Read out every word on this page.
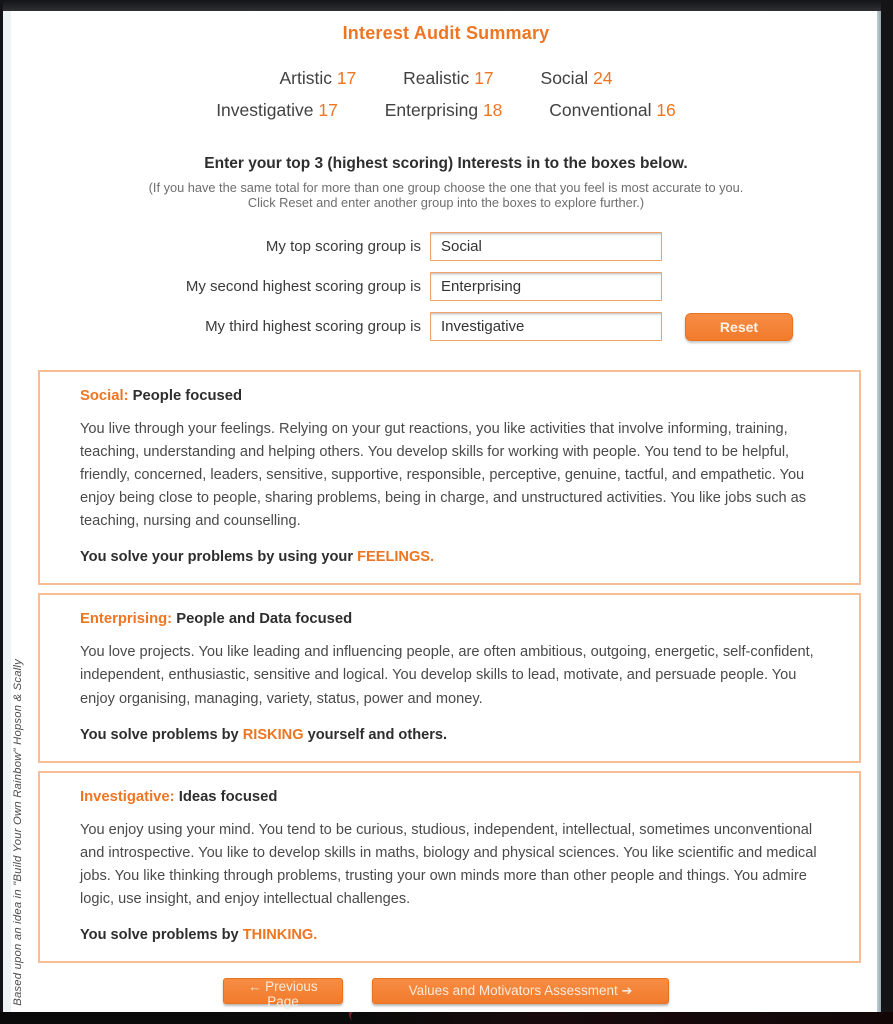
Interest Audit Summary
Artistic 17	Realistic 17	Social 24
Investigative 17	Enterprising 18	Conventional 16
Enter your top 3 (highest scoring) Interests in to the boxes below.
(If you have the same total for more than one group choose the one that you feel is most accurate to you.
Click Reset and enter another group into the boxes to explore further.)
My top scoring group is
Social
My second highest scoring group is
Enterprising
My third highest scoring group is
Investigative	Reset
Social: People focused
You live through your feelings. Relying on your gut reactions, you like activities that involve informing, training, teaching, understanding and helping others. You develop skills for working with people. You tend to be helpful, friendly, concerned, leaders, sensitive, supportive, responsible, perceptive, genuine, tactful, and empathetic. You enjoy being close to people, sharing problems, being in charge, and unstructured activities. You like jobs such as teaching, nursing and counselling.
You solve your problems by using your FEELINGS.
Enterprising: People and Data focused
You love projects. You like leading and influencing people, are often ambitious, outgoing, energetic, self-confident, independent, enthusiastic, sensitive and logical. You develop skills to lead, motivate, and persuade people. You enjoy organising, managing, variety, status, power and money.
You solve problems by RISKING yourself and others.
Investigative: Ideas focused
You enjoy using your mind. You tend to be curious, studious, independent, intellectual, sometimes unconventional and introspective. You like to develop skills in maths, biology and physical sciences. You like scientific and medical jobs. You like thinking through problems, trusting your own minds more than other people and things. You admire logic, use insight, and enjoy intellectual challenges.
You solve problems by THINKING.
← Previous Page
Values and Motivators Assessment ➔
Based upon an idea in "Build Your Own Rainbow" Hopson & Scally
